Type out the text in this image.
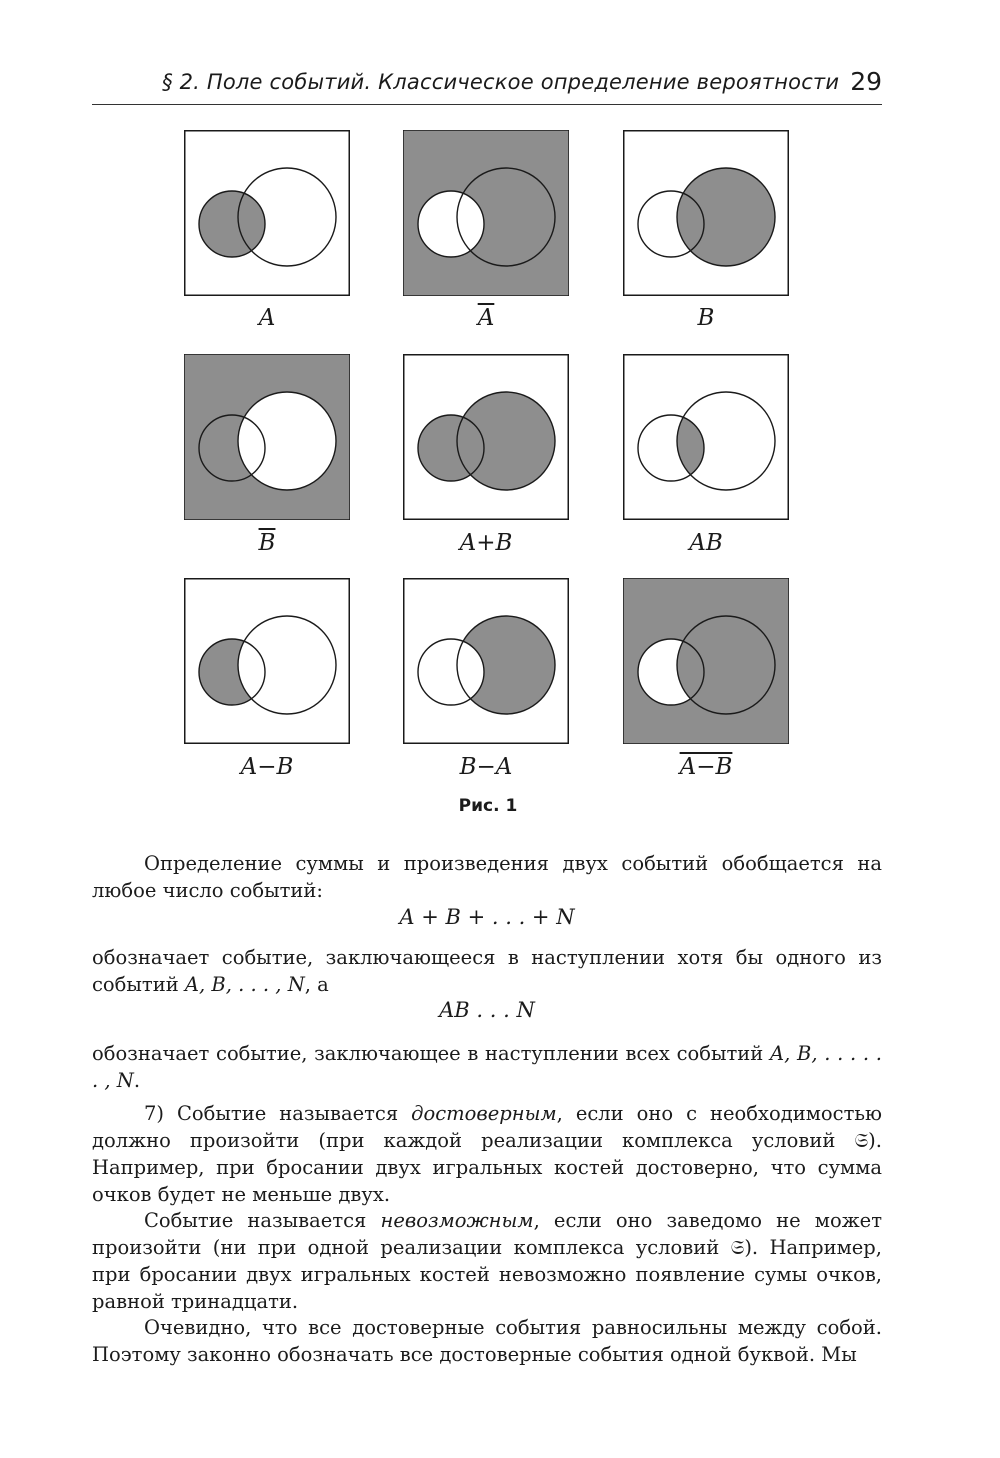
§ 2. Поле событий. Классическое определение вероятности 29
A	$\overline{A}$	B
$\overline{B}$	A+B	AB
A−B	B−A	A−B
Рис. 1

Определение суммы и произведения двух событий обобщается на любое число событий:

A + B + . . . + N

обозначает событие, заключающееся в наступлении хотя бы одного из событий A, B, . . . , N, а

AB . . . N

обозначает событие, заключающее в наступлении всех событий A, B, . . . . . . , N.

7) Событие называется достоверным, если оно с необходимостью должно произойти (при каждой реализации комплекса условий 𝔖). Например, при бросании двух игральных костей достоверно, что сумма очков будет не меньше двух.

Событие называется невозможным, если оно заведомо не может произойти (ни при одной реализации комплекса условий 𝔖). Например, при бросании двух игральных костей невозможно появление сумы очков, равной тринадцати.

Очевидно, что все достоверные события равносильны между собой. Поэтому законно обозначать все достоверные события одной буквой. Мы
